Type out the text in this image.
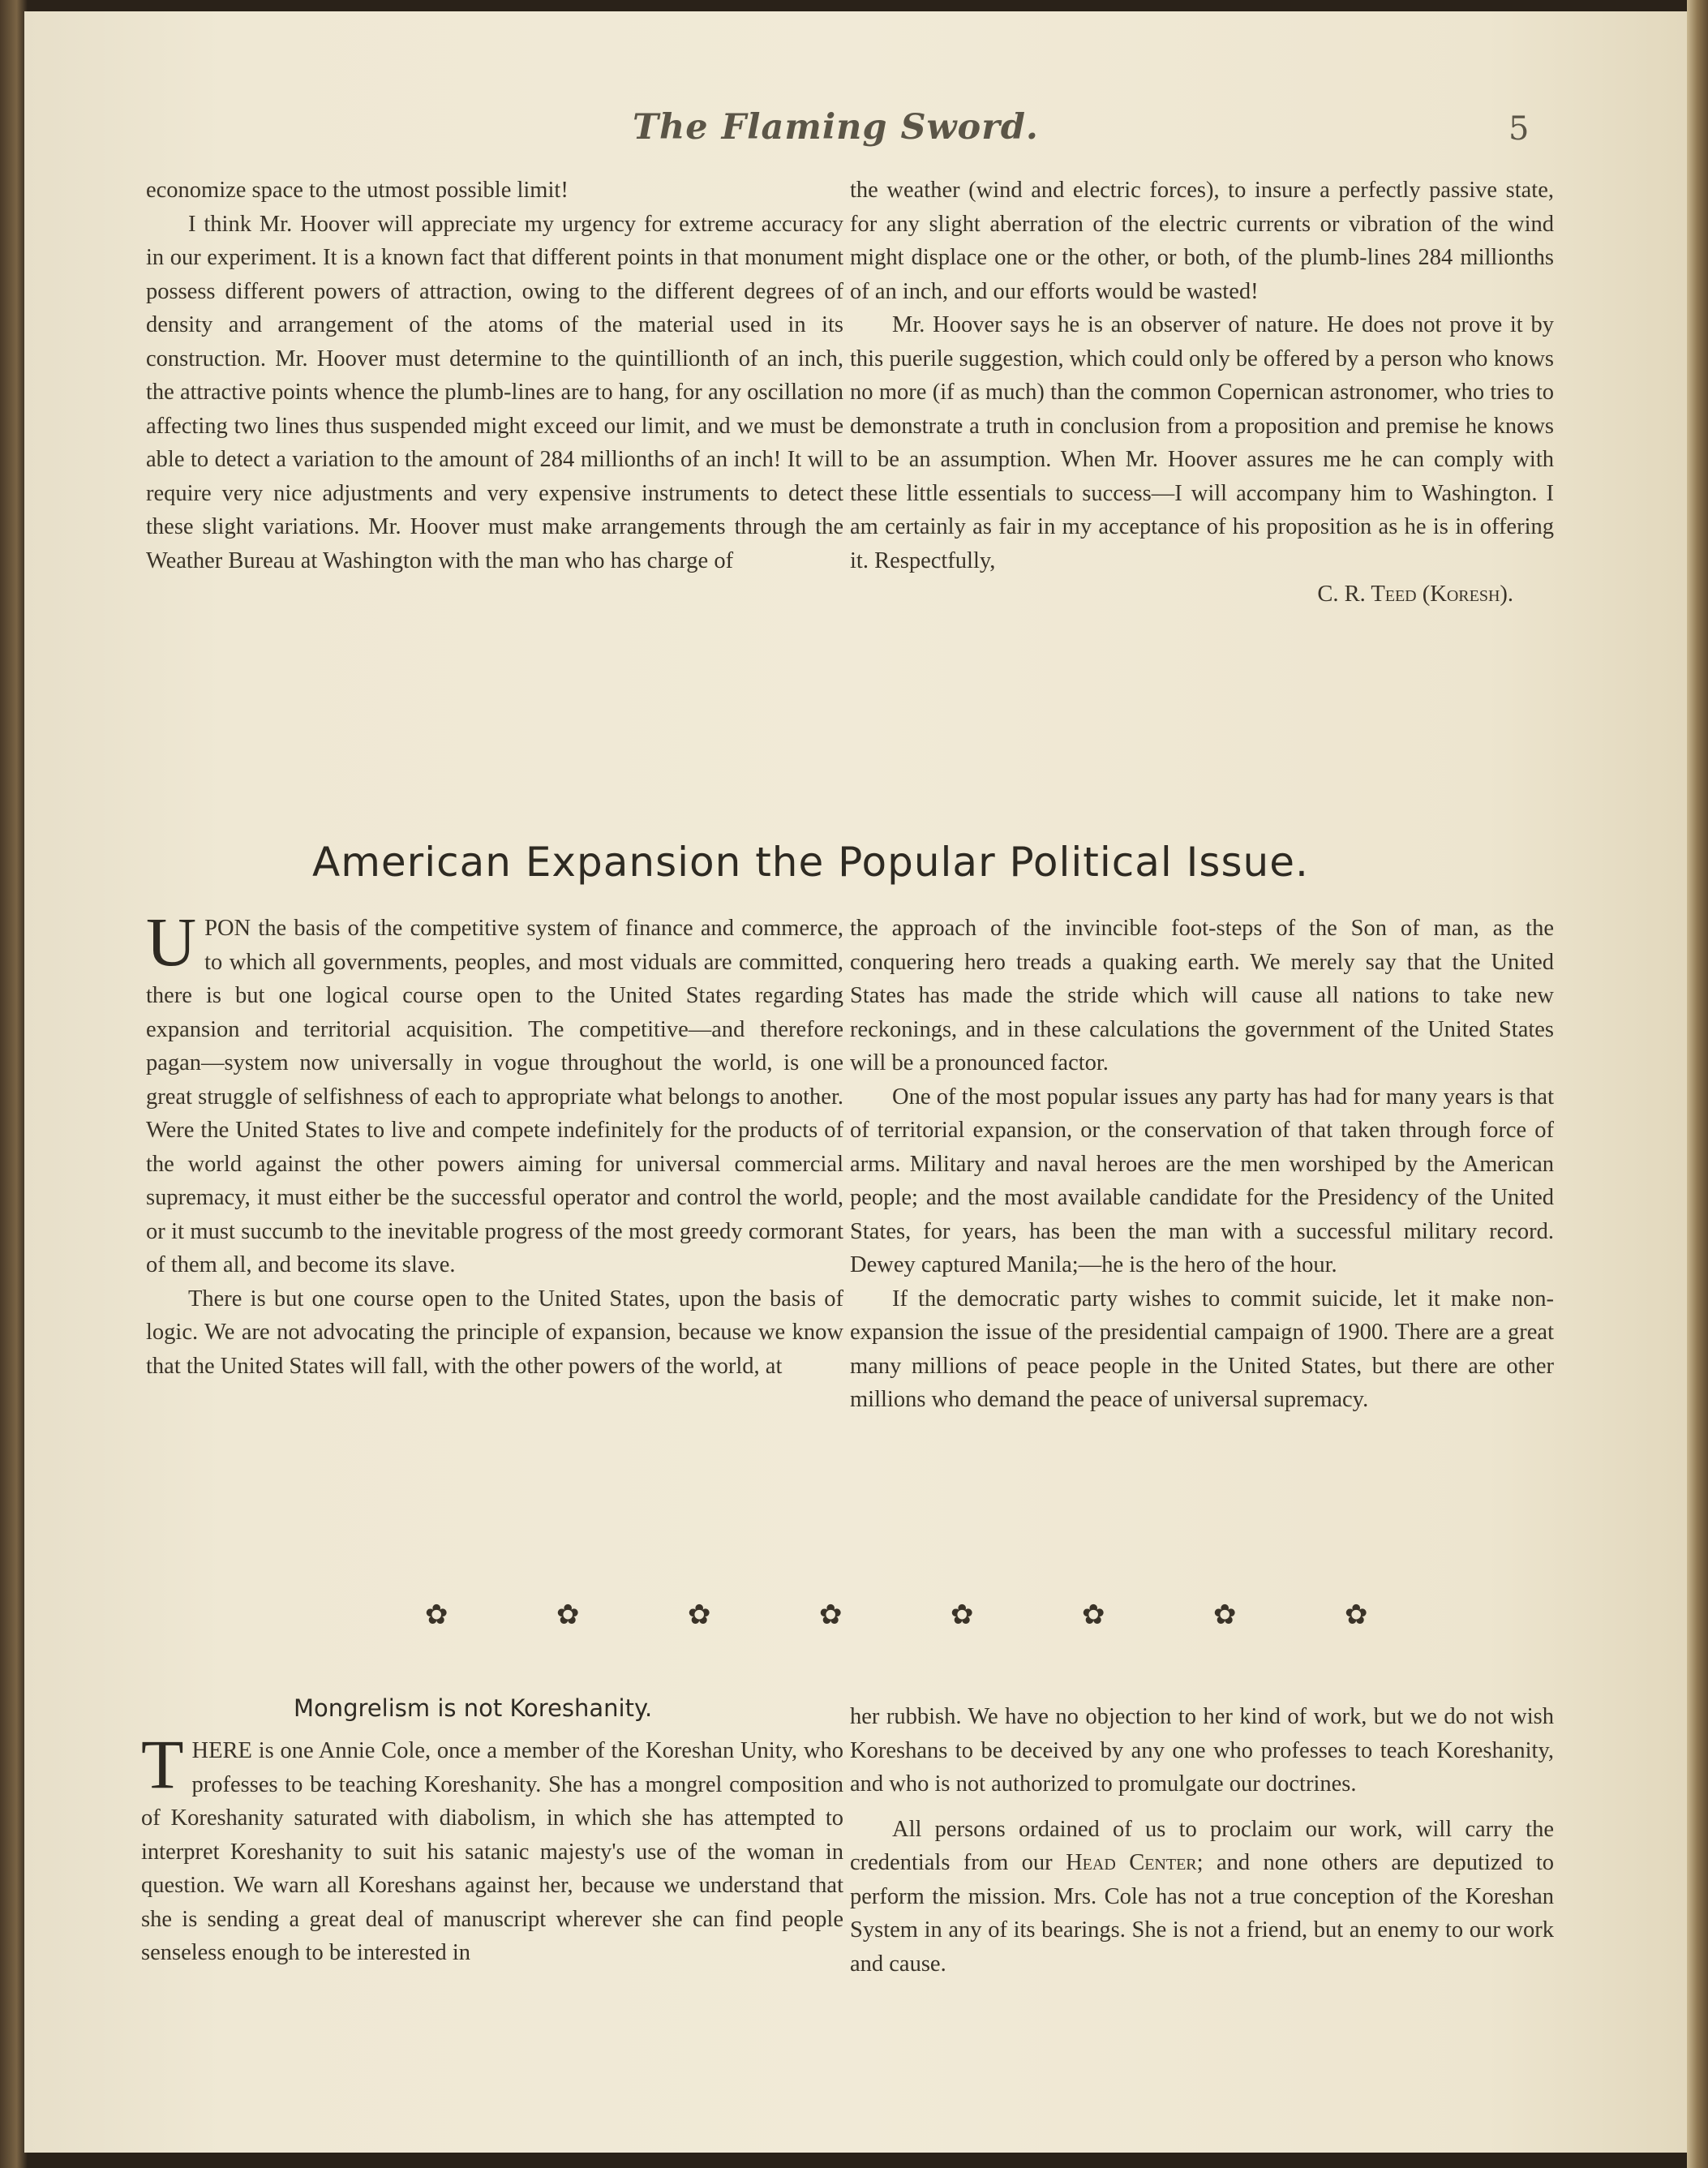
The Flaming Sword.	5

economize space to the utmost possible limit!

I think Mr. Hoover will appreciate my urgency for extreme accuracy in our experiment. It is a known fact that different points in that monument possess different powers of attraction, owing to the different degrees of density and arrangement of the atoms of the material used in its construction. Mr. Hoover must determine to the quintillionth of an inch, the attractive points whence the plumb-lines are to hang, for any oscillation affecting two lines thus suspended might exceed our limit, and we must be able to detect a variation to the amount of 284 millionths of an inch! It will require very nice adjustments and very expensive instruments to detect these slight variations. Mr. Hoover must make arrangements through the Weather Bureau at Washington with the man who has charge of

the weather (wind and electric forces), to insure a perfectly passive state, for any slight aberration of the electric currents or vibration of the wind might displace one or the other, or both, of the plumb-lines 284 millionths of an inch, and our efforts would be wasted!

Mr. Hoover says he is an observer of nature. He does not prove it by this puerile suggestion, which could only be offered by a person who knows no more (if as much) than the common Copernican astronomer, who tries to demonstrate a truth in conclusion from a proposition and premise he knows to be an assumption. When Mr. Hoover assures me he can comply with these little essentials to success—I will accompany him to Washington. I am certainly as fair in my acceptance of his proposition as he is in offering it. Respectfully,

C. R. Teed (Koresh).

American Expansion the Popular Political Issue.

UPON the basis of the competitive system of finance and commerce, to which all governments, peoples, and most viduals are committed, there is but one logical course open to the United States regarding expansion and territorial acquisition. The competitive—and therefore pagan—system now universally in vogue throughout the world, is one great struggle of selfishness of each to appropriate what belongs to another. Were the United States to live and compete indefinitely for the products of the world against the other powers aiming for universal commercial supremacy, it must either be the successful operator and control the world, or it must succumb to the inevitable progress of the most greedy cormorant of them all, and become its slave.

There is but one course open to the United States, upon the basis of logic. We are not advocating the principle of expansion, because we know that the United States will fall, with the other powers of the world, at

the approach of the invincible foot-steps of the Son of man, as the conquering hero treads a quaking earth. We merely say that the United States has made the stride which will cause all nations to take new reckonings, and in these calculations the government of the United States will be a pronounced factor.

One of the most popular issues any party has had for many years is that of territorial expansion, or the conservation of that taken through force of arms. Military and naval heroes are the men worshiped by the American people; and the most available candidate for the Presidency of the United States, for years, has been the man with a successful military record. Dewey captured Manila;—he is the hero of the hour.

If the democratic party wishes to commit suicide, let it make non-expansion the issue of the presidential campaign of 1900. There are a great many millions of peace people in the United States, but there are other millions who demand the peace of universal supremacy.

✿
✿
✿
✿
✿
✿
✿
✿
Mongrelism is not Koreshanity.

THERE is one Annie Cole, once a member of the Koreshan Unity, who professes to be teaching Koreshanity. She has a mongrel composition of Koreshanity saturated with diabolism, in which she has attempted to interpret Koreshanity to suit his satanic majesty's use of the woman in question. We warn all Koreshans against her, because we understand that she is sending a great deal of manuscript wherever she can find people senseless enough to be interested in

her rubbish. We have no objection to her kind of work, but we do not wish Koreshans to be deceived by any one who professes to teach Koreshanity, and who is not authorized to promulgate our doctrines.

All persons ordained of us to proclaim our work, will carry the credentials from our Head Center; and none others are deputized to perform the mission. Mrs. Cole has not a true conception of the Koreshan System in any of its bearings. She is not a friend, but an enemy to our work and cause.
